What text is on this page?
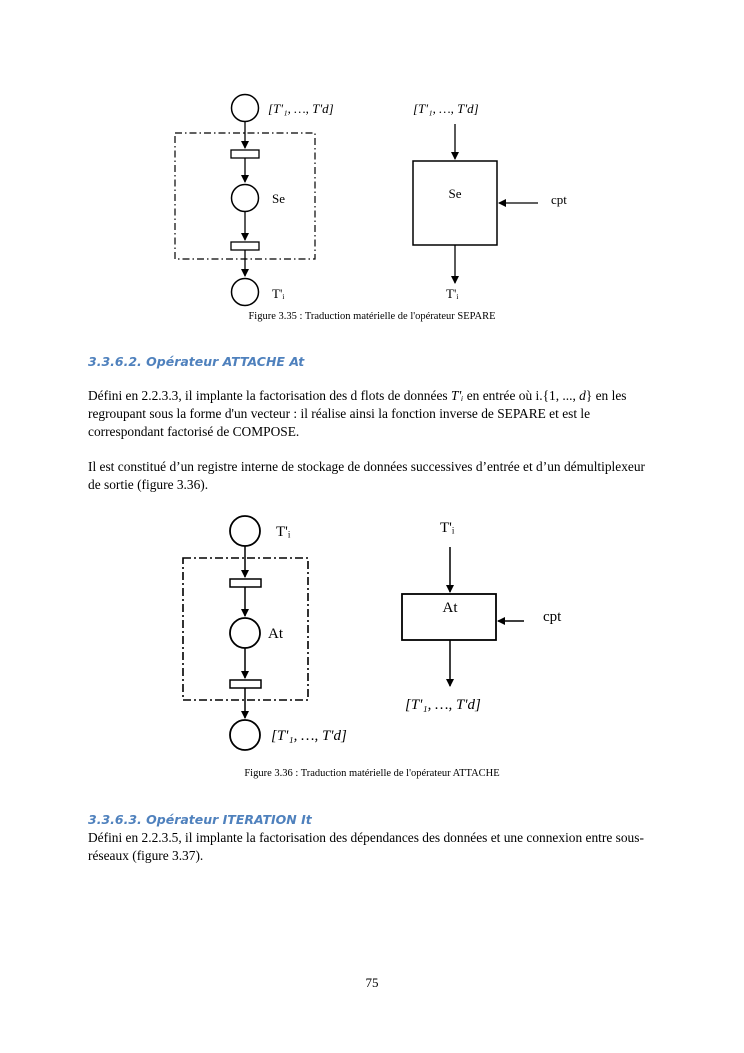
[T'₁, …, T'd]
Se
T'ᵢ
[T'₁, …, T'd]
Se	cpt
T'ᵢ
Figure 3.35 : Traduction matérielle de l'opérateur SEPARE
3.3.6.2. Opérateur ATTACHE At
Défini en 2.2.3.3, il implante la factorisation des d flots de données T'ᵢ en entrée où i.{1, ..., d} en les regroupant sous la forme d'un vecteur : il réalise ainsi la fonction inverse de SEPARE et est le correspondant factorisé de COMPOSE.
Il est constitué d’un registre interne de stockage de données successives d’entrée et d’un démultiplexeur de sortie (figure 3.36).
T'ᵢ
At
[T'₁, …, T'd]
T'ᵢ
At
cpt
[T'₁, …, T'd]
Figure 3.36 : Traduction matérielle de l'opérateur ATTACHE
3.3.6.3. Opérateur ITERATION It
Défini en 2.2.3.5, il implante la factorisation des dépendances des données et une connexion entre sous-réseaux (figure 3.37).
75
